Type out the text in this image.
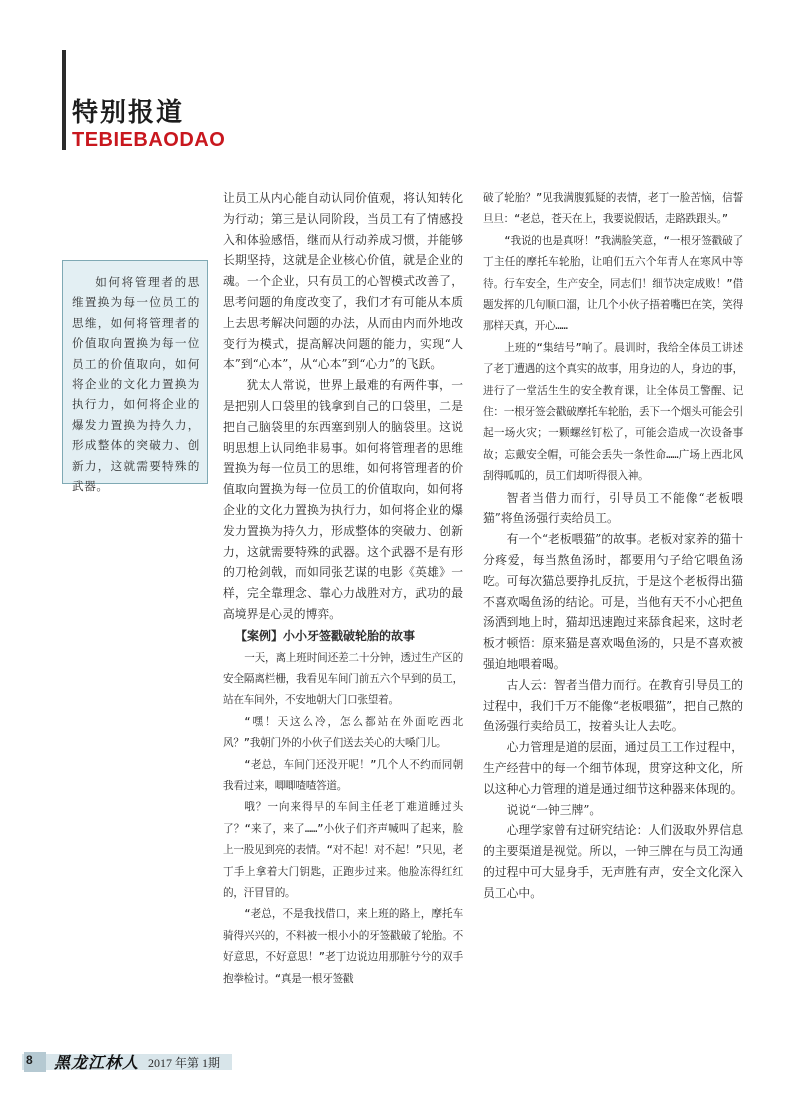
特别报道
TEBIEBAODAO

如何将管理者的思维置换为每一位员工的思维，如何将管理者的价值取向置换为每一位员工的价值取向，如何将企业的文化力置换为执行力，如何将企业的爆发力置换为持久力，形成整体的突破力、创新力，这就需要特殊的武器。

让员工从内心能自动认同价值观，将认知转化为行动；第三是认同阶段，当员工有了情感投入和体验感悟，继而从行动养成习惯，并能够长期坚持，这就是企业核心价值，就是企业的魂。一个企业，只有员工的心智模式改善了，思考问题的角度改变了，我们才有可能从本质上去思考解决问题的办法，从而由内而外地改变行为模式，提高解决问题的能力，实现“人本”到“心本”，从“心本”到“心力”的飞跃。

犹太人常说，世界上最难的有两件事，一是把别人口袋里的钱拿到自己的口袋里，二是把自己脑袋里的东西塞到别人的脑袋里。这说明思想上认同绝非易事。如何将管理者的思维置换为每一位员工的思维，如何将管理者的价值取向置换为每一位员工的价值取向，如何将企业的文化力置换为执行力，如何将企业的爆发力置换为持久力，形成整体的突破力、创新力，这就需要特殊的武器。这个武器不是有形的刀枪剑戟，而如同张艺谋的电影《英雄》一样，完全靠理念、靠心力战胜对方，武功的最高境界是心灵的博弈。

【案例】小小牙签戳破轮胎的故事

一天，离上班时间还差二十分钟，透过生产区的安全隔离栏栅，我看见车间门前五六个早到的员工，站在车间外，不安地朝大门口张望着。

“嘿！天这么冷，怎么都站在外面吃西北风？”我朝门外的小伙子们送去关心的大嗓门儿。

“老总，车间门还没开呢！”几个人不约而同朝我看过来，唧唧喳喳答道。

哦？一向来得早的车间主任老丁难道睡过头了？“来了，来了……”小伙子们齐声喊叫了起来，脸上一股见到亮的表情。“对不起！对不起！”只见，老丁手上拿着大门钥匙，正跑步过来。他脸冻得红红的，汗冒冒的。

“老总，不是我找借口，来上班的路上，摩托车骑得兴兴的，不料被一根小小的牙签戳破了轮胎。不好意思，不好意思！”老丁边说边用那脏兮兮的双手抱拳检讨。“真是一根牙签戳

破了轮胎？”见我满腹狐疑的表情，老丁一脸苦恼，信誓旦旦：“老总，苍天在上，我要说假话，走路跌跟头。”

“我说的也是真呀！”我满脸笑意，“一根牙签戳破了丁主任的摩托车轮胎，让咱们五六个年青人在寒风中等待。行车安全，生产安全，同志们！细节决定成败！”借题发挥的几句顺口溜，让几个小伙子捂着嘴巴在笑，笑得那样天真，开心……

上班的“集结号”响了。晨训时，我给全体员工讲述了老丁遭遇的这个真实的故事，用身边的人，身边的事，进行了一堂活生生的安全教育课，让全体员工警醒、记住：一根牙签会戳破摩托车轮胎，丢下一个烟头可能会引起一场火灾；一颗螺丝钉松了，可能会造成一次设备事故；忘戴安全帽，可能会丢失一条性命……广场上西北风刮得呱呱的，员工们却听得很入神。

智者当借力而行，引导员工不能像“老板喂猫”将鱼汤强行卖给员工。

有一个“老板喂猫”的故事。老板对家养的猫十分疼爱，每当熬鱼汤时，都要用勺子给它喂鱼汤吃。可每次猫总要挣扎反抗，于是这个老板得出猫不喜欢喝鱼汤的结论。可是，当他有天不小心把鱼汤洒到地上时，猫却迅速跑过来舔食起来，这时老板才顿悟：原来猫是喜欢喝鱼汤的，只是不喜欢被强迫地喂着喝。

古人云：智者当借力而行。在教育引导员工的过程中，我们千万不能像“老板喂猫”，把自己熬的鱼汤强行卖给员工，按着头让人去吃。

心力管理是道的层面，通过员工工作过程中，生产经营中的每一个细节体现，贯穿这种文化，所以这种心力管理的道是通过细节这种器来体现的。

说说“一钟三牌”。

心理学家曾有过研究结论：人们汲取外界信息的主要渠道是视觉。所以，一钟三牌在与员工沟通的过程中可大显身手，无声胜有声，安全文化深入员工心中。

8 黑龙江林人 2017 年第 1期
